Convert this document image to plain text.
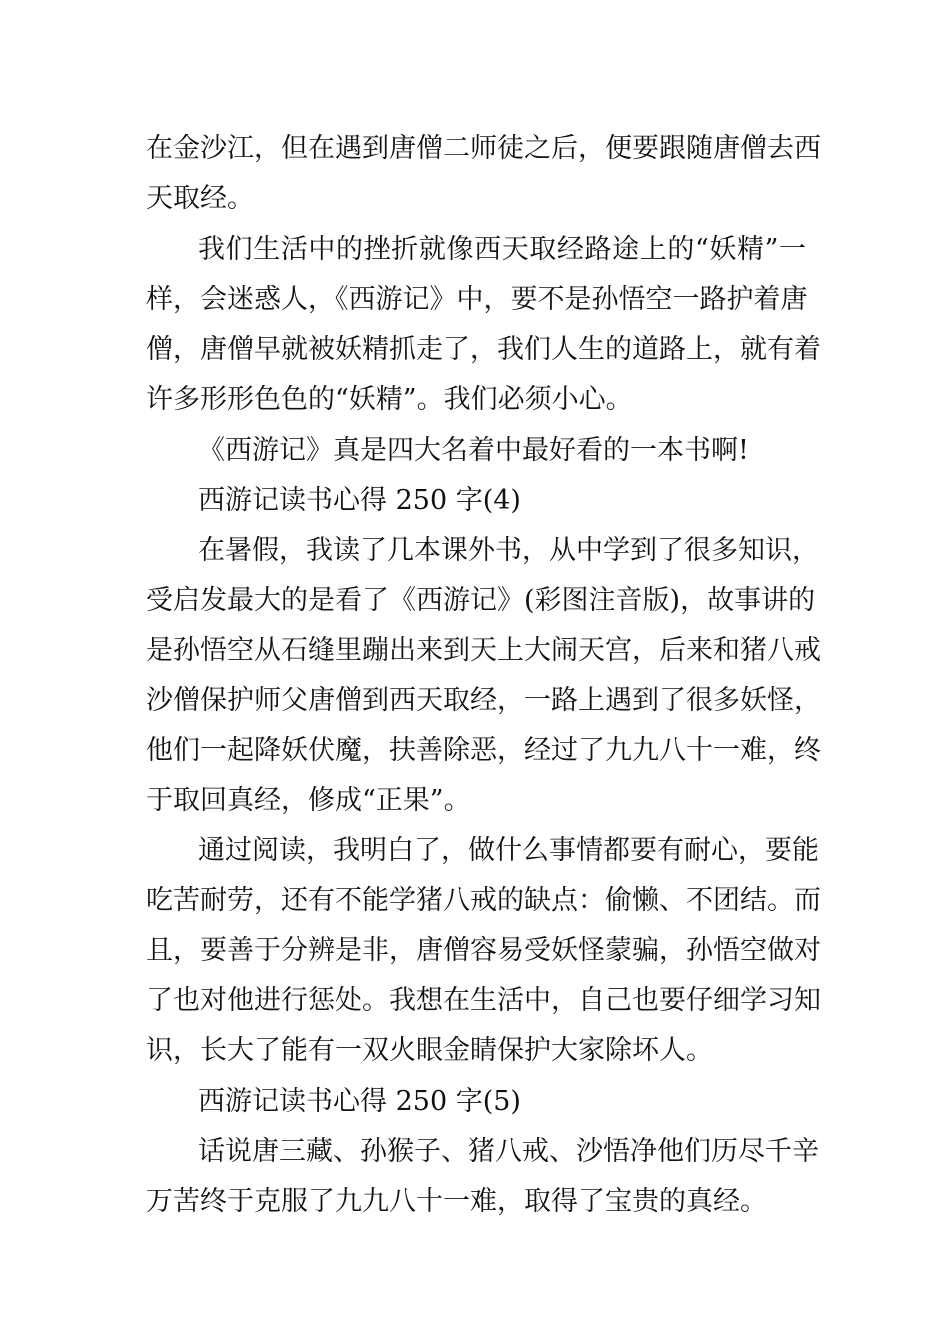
在金沙江，但在遇到唐僧二师徒之后，便要跟随唐僧去西
天取经。
我们生活中的挫折就像西天取经路途上的“妖精”一
样，会迷惑人，《西游记》中，要不是孙悟空一路护着唐
僧，唐僧早就被妖精抓走了，我们人生的道路上，就有着
许多形形色色的“妖精”。我们必须小心。
《西游记》真是四大名着中最好看的一本书啊!
西游记读书心得 250 字(4)
在暑假，我读了几本课外书，从中学到了很多知识，
受启发最大的是看了《西游记》(彩图注音版)，故事讲的
是孙悟空从石缝里蹦出来到天上大闹天宫，后来和猪八戒
沙僧保护师父唐僧到西天取经，一路上遇到了很多妖怪，
他们一起降妖伏魔，扶善除恶，经过了九九八十一难，终
于取回真经，修成“正果”。
通过阅读，我明白了，做什么事情都要有耐心，要能
吃苦耐劳，还有不能学猪八戒的缺点：偷懒、不团结。而
且，要善于分辨是非，唐僧容易受妖怪蒙骗，孙悟空做对
了也对他进行惩处。我想在生活中，自己也要仔细学习知
识，长大了能有一双火眼金睛保护大家除坏人。
西游记读书心得 250 字(5)
话说唐三藏、孙猴子、猪八戒、沙悟净他们历尽千辛
万苦终于克服了九九八十一难，取得了宝贵的真经。
